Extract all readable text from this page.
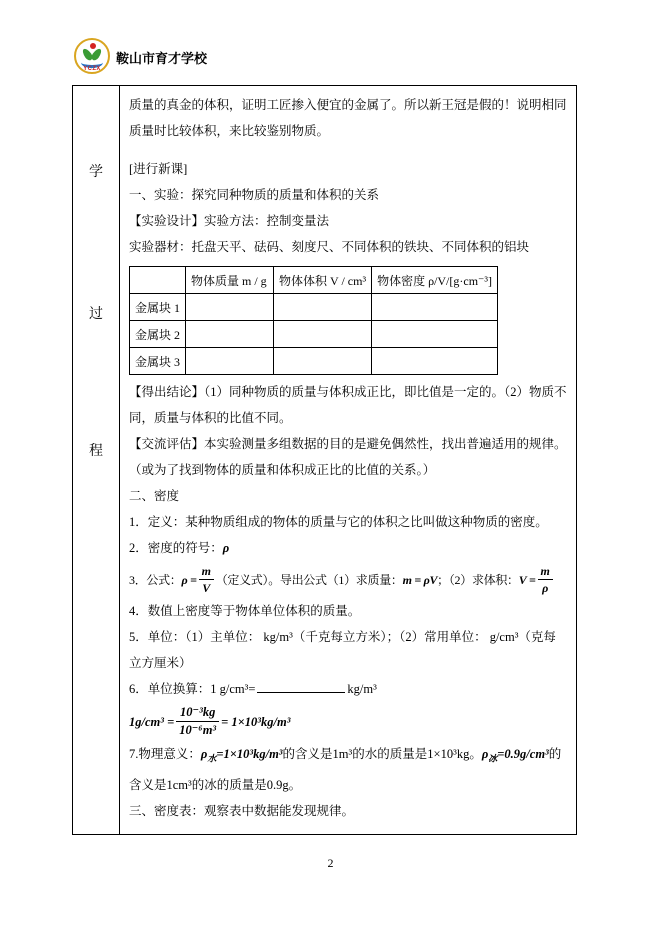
YCZX
鞍山市育才学校
学
过
程

质量的真金的体积，证明工匠掺入便宜的金属了。所以新王冠是假的！说明相同质量时比较体积，来比较鉴别物质。

[进行新课]

一、实验：探究同种物质的质量和体积的关系

【实验设计】实验方法：控制变量法

实验器材：托盘天平、砝码、刻度尺、不同体积的铁块、不同体积的铝块

	物体质量 m / g	物体体积 V / cm³	物体密度 ρ/V/[g·cm⁻³]
金属块 1			
金属块 2			
金属块 3			

【得出结论】（1）同种物质的质量与体积成正比，即比值是一定的。（2）物质不同，质量与体积的比值不同。

【交流评估】本实验测量多组数据的目的是避免偶然性，找出普遍适用的规律。（或为了找到物体的质量和体积成正比的比值的关系。）

二、密度

1．定义：某种物质组成的物体的质量与它的体积之比叫做这种物质的密度。

2．密度的符号：ρ

3．公式： $\rho = \frac{m}{V}$ （定义式）。导出公式（1）求质量： m = ρV ；（2）求体积： $V = \frac{m}{\rho}$

4．数值上密度等于物体单位体积的质量。

5．单位：（1）主单位： kg/m³（千克每立方米）；（2）常用单位： g/cm³（克每立方厘米）

6．单位换算：1 g/cm³=	kg/m³

$1g/cm^3 = \frac{\text{10⁻³kg}}{\text{10⁻⁶m³}} = 1\times 10^3kg/m^3$

7.物理意义：$\rho_水=1\times 10^3kg/m^3$的含义是1m³的水的质量是1×10³kg。$\rho_冰=0.9g$/cm³的含义是1cm³的冰的质量是0.9g。

三、密度表：观察表中数据能发现规律。

2
